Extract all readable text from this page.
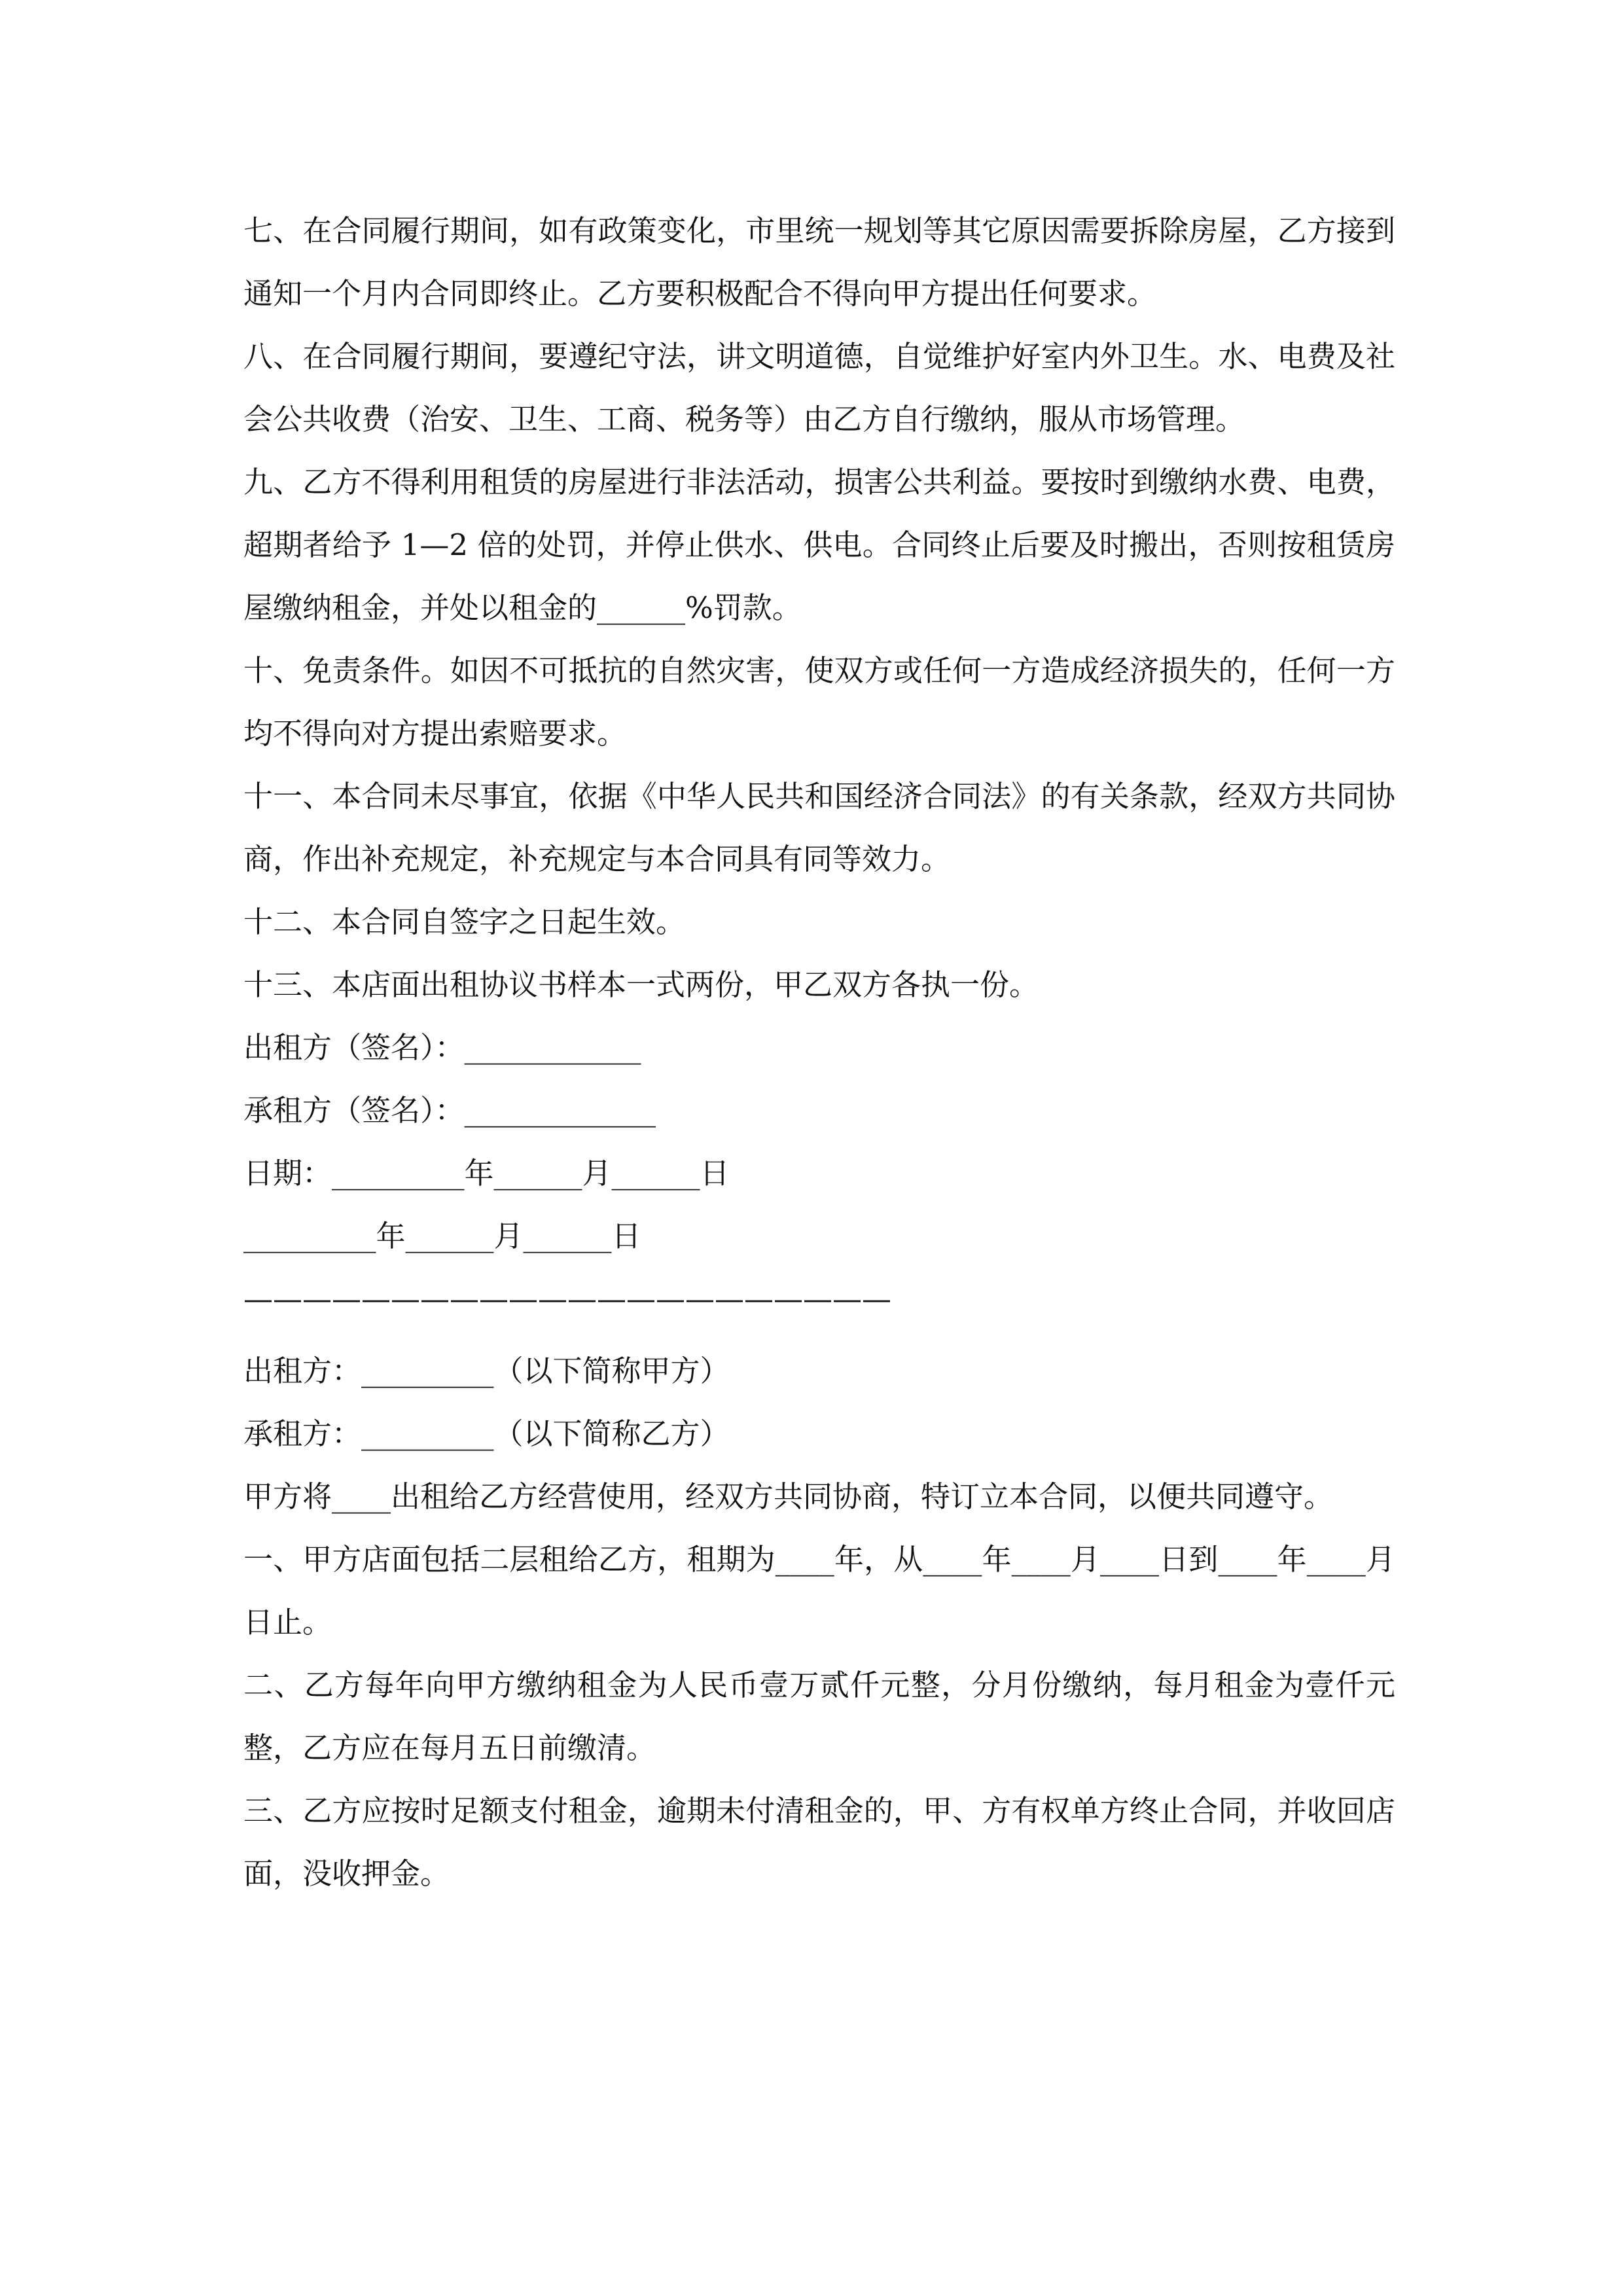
七、在合同履行期间，如有政策变化，市里统一规划等其它原因需要拆除房屋，乙方接到通知一个月内合同即终止。乙方要积极配合不得向甲方提出任何要求。

八、在合同履行期间，要遵纪守法，讲文明道德，自觉维护好室内外卫生。水、电费及社会公共收费（治安、卫生、工商、税务等）由乙方自行缴纳，服从市场管理。

九、乙方不得利用租赁的房屋进行非法活动，损害公共利益。要按时到缴纳水费、电费，超期者给予 1—2 倍的处罚，并停止供水、供电。合同终止后要及时搬出，否则按租赁房屋缴纳租金，并处以租金的______%罚款。

十、免责条件。如因不可抵抗的自然灾害，使双方或任何一方造成经济损失的，任何一方均不得向对方提出索赔要求。

十一、本合同未尽事宜，依据《中华人民共和国经济合同法》的有关条款，经双方共同协商，作出补充规定，补充规定与本合同具有同等效力。

十二、本合同自签字之日起生效。

十三、本店面出租协议书样本一式两份，甲乙双方各执一份。

出租方（签名）：____________

承租方（签名）：_____________

日期：_________年______月______日

_________年______月______日

——————————————————————

出租方：_________（以下简称甲方）

承租方：_________（以下简称乙方）

甲方将____出租给乙方经营使用，经双方共同协商，特订立本合同，以便共同遵守。

一、甲方店面包括二层租给乙方，租期为____年，从____年____月____日到____年____月日止。

二、乙方每年向甲方缴纳租金为人民币壹万贰仟元整，分月份缴纳，每月租金为壹仟元整，乙方应在每月五日前缴清。

三、乙方应按时足额支付租金，逾期未付清租金的，甲、方有权单方终止合同，并收回店面，没收押金。
